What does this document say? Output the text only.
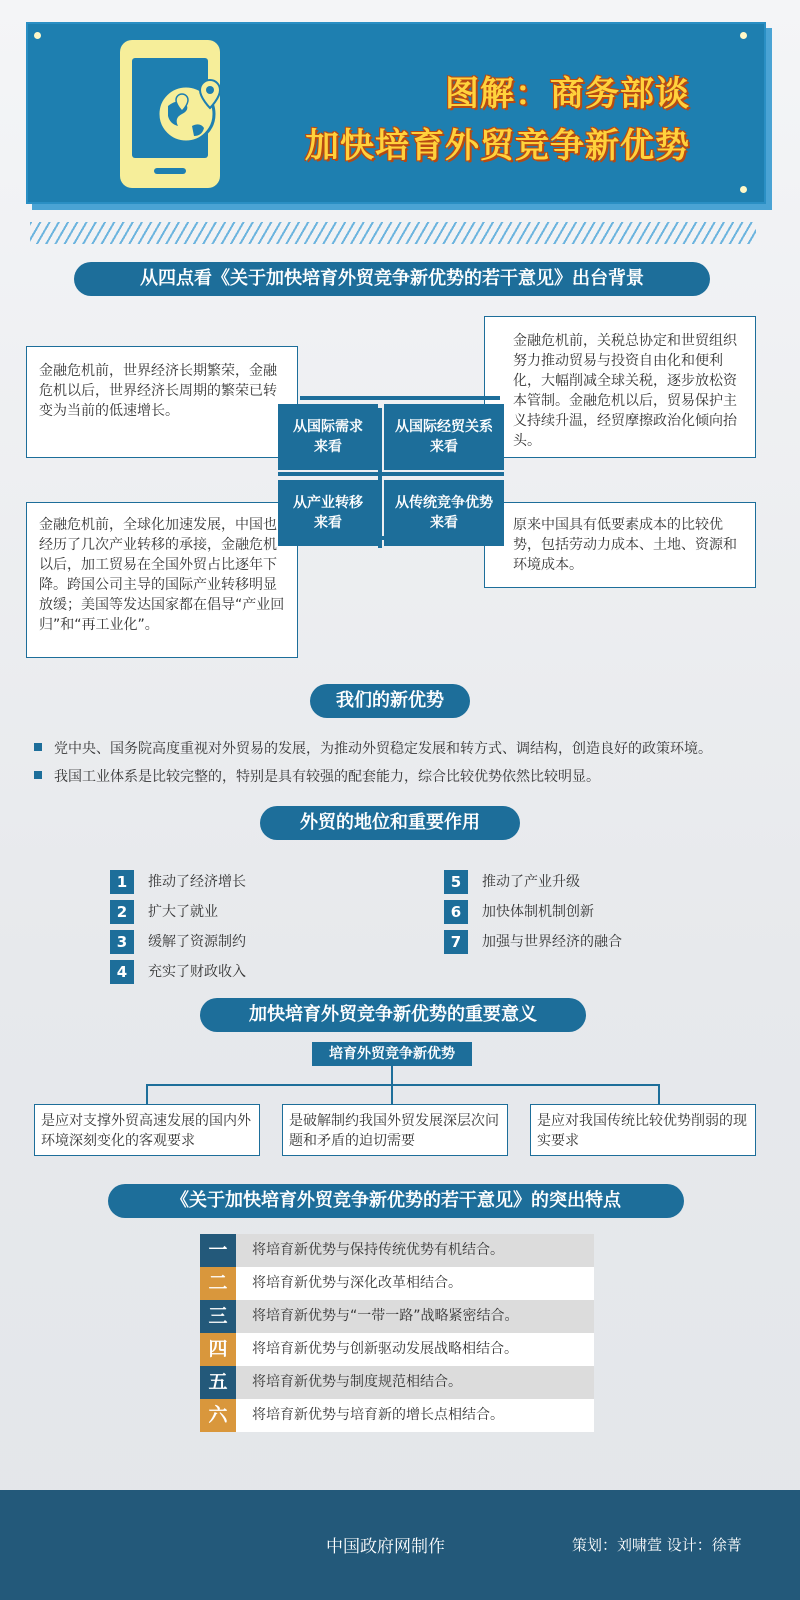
图解：商务部谈
加快培育外贸竞争新优势
从四点看《关于加快培育外贸竞争新优势的若干意见》出台背景
金融危机前，世界经济长期繁荣，金融危机以后，世界经济长周期的繁荣已转变为当前的低速增长。
金融危机前，关税总协定和世贸组织努力推动贸易与投资自由化和便利化，大幅削减全球关税，逐步放松资本管制。金融危机以后，贸易保护主义持续升温，经贸摩擦政治化倾向抬头。
金融危机前，全球化加速发展，中国也经历了几次产业转移的承接，金融危机以后，加工贸易在全国外贸占比逐年下降。跨国公司主导的国际产业转移明显放缓；美国等发达国家都在倡导“产业回归”和“再工业化”。
原来中国具有低要素成本的比较优势，包括劳动力成本、土地、资源和环境成本。
从国际需求
来看
从国际经贸关系
来看
从产业转移
来看
从传统竞争优势
来看
我们的新优势
党中央、国务院高度重视对外贸易的发展，为推动外贸稳定发展和转方式、调结构，创造良好的政策环境。
我国工业体系是比较完整的，特别是具有较强的配套能力，综合比较优势依然比较明显。
外贸的地位和重要作用
1	推动了经济增长
2	扩大了就业
3	缓解了资源制约
4	充实了财政收入
5	推动了产业升级
6	加快体制机制创新
7	加强与世界经济的融合
加快培育外贸竞争新优势的重要意义
培育外贸竞争新优势
是应对支撑外贸高速发展的国内外环境深刻变化的客观要求
是破解制约我国外贸发展深层次问题和矛盾的迫切需要
是应对我国传统比较优势削弱的现实要求
《关于加快培育外贸竞争新优势的若干意见》的突出特点
一	将培育新优势与保持传统优势有机结合。
二	将培育新优势与深化改革相结合。
三	将培育新优势与“一带一路”战略紧密结合。
四	将培育新优势与创新驱动发展战略相结合。
五	将培育新优势与制度规范相结合。
六	将培育新优势与培育新的增长点相结合。
中国政府网制作	策划：刘啸萱 设计：徐菁
